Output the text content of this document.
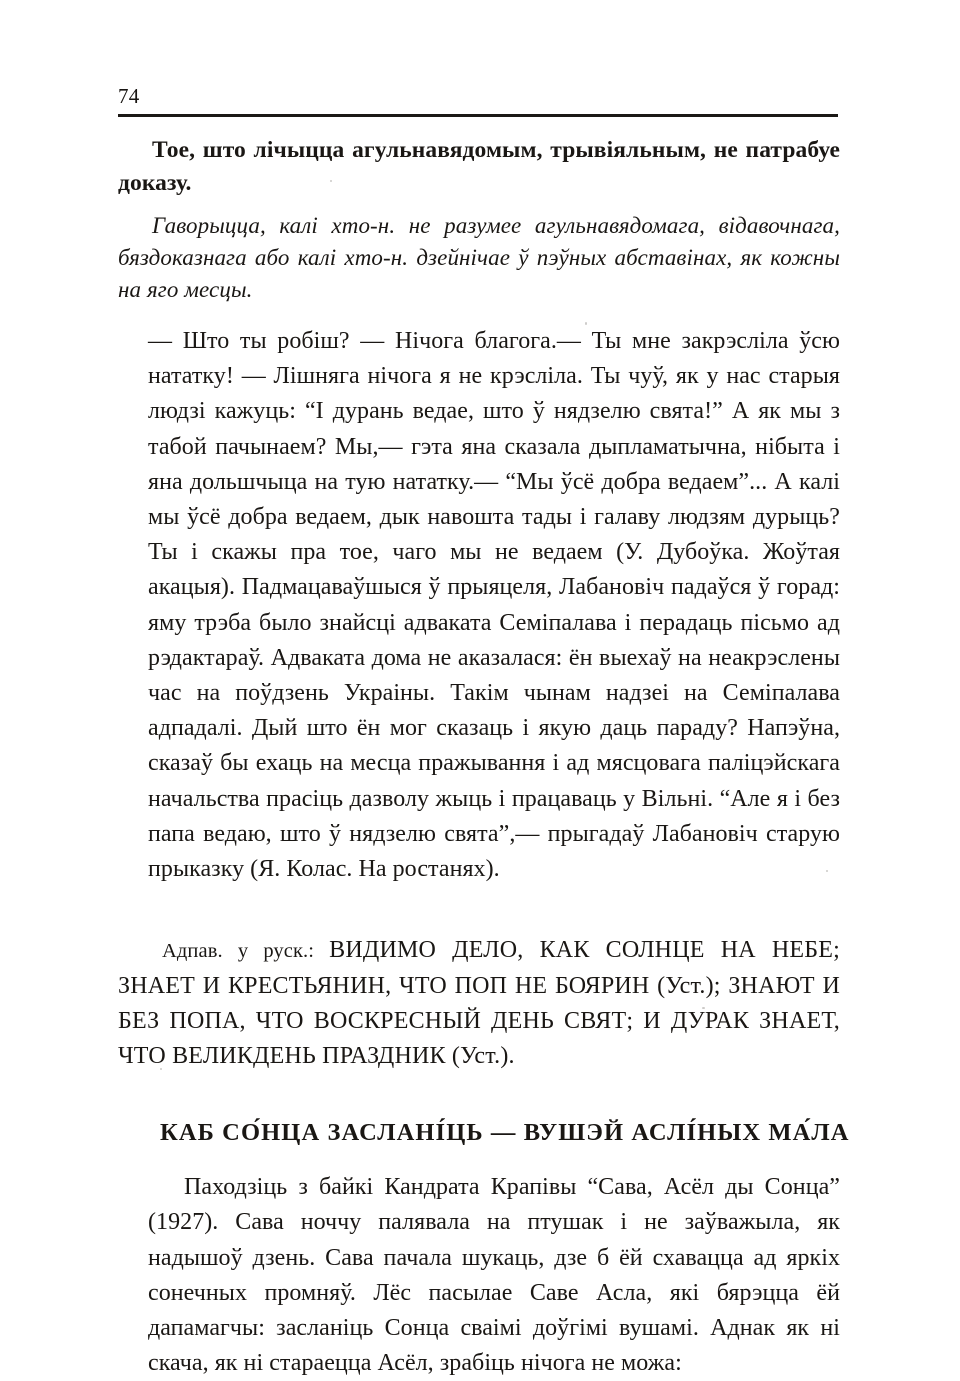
74

Тое, што лічыцца агульнавядомым, трывіяльным, не патрабуе доказу.

Гаворыцца, калі хто-н. не разумее агульнавядомага, відавочнага, бяздоказнага або калі хто-н. дзейнічае ў пэўных абставінах, як кожны на яго месцы.

— Што ты робіш? — Нічога благога.— Ты мне закрэсліла ўсю нататку! — Лішняга нічога я не крэсліла. Ты чуў, як у нас старыя людзі кажуць: “І дурань ведае, што ў нядзелю свята!” А як мы з табой пачынаем? Мы,— гэта яна сказала дыпламатычна, нібыта і яна дольшчыца на тую нататку.— “Мы ўсё добра ведаем”... А калі мы ўсё добра ведаем, дык навошта тады і галаву людзям дурыць? Ты і скажы пра тое, чаго мы не ведаем (У. Дубоўка. Жоўтая акацыя). Падмацаваўшыся ў прыяцеля, Лабановіч падаўся ў горад: яму трэба было знайсці адваката Семіпалава і перадаць пісьмо ад рэдактараў. Адваката дома не аказалася: ён выехаў на неакрэслены час на поўдзень Украіны. Такім чынам надзеі на Семіпалава адпадалі. Дый што ён мог сказаць і якую даць параду? Напэўна, сказаў бы ехаць на месца пражывання і ад мясцовага паліцэйскага начальства прасіць дазволу жыць і працаваць у Вільні. “Але я і без папа ведаю, што ў нядзелю свята”,— прыгадаў Лабановіч старую прыказку (Я. Колас. На ростанях).

Адпав. у руск.: ВИДИМО ДЕЛО, КАК СОЛНЦЕ НА НЕБЕ; ЗНАЕТ И КРЕСТЬЯНИН, ЧТО ПОП НЕ БОЯРИН (Уст.); ЗНАЮТ И БЕЗ ПОПА, ЧТО ВОСКРЕСНЫЙ ДЕНЬ СВЯТ; И ДУРАК ЗНАЕТ, ЧТО ВЕЛИКДЕНЬ ПРАЗДНИК (Уст.).

КАБ СО́НЦА ЗАСЛАНІ́ЦЬ — ВУШЭЙ АСЛІ́НЫХ МА́ЛА

Паходзіць з байкі Кандрата Крапівы “Сава, Асёл ды Сонца” (1927). Сава ноччу палявала на птушак і не заўважыла, як надышоў дзень. Сава пачала шукаць, дзе б ёй схавацца ад яркіх сонечных промняў. Лёс пасылае Саве Асла, які бярэцца ёй дапамагчы: засланіць Сонца сваімі доўгімі вушамі. Аднак як ні скача, як ні стараецца Асёл, зрабіць нічога не можа:
